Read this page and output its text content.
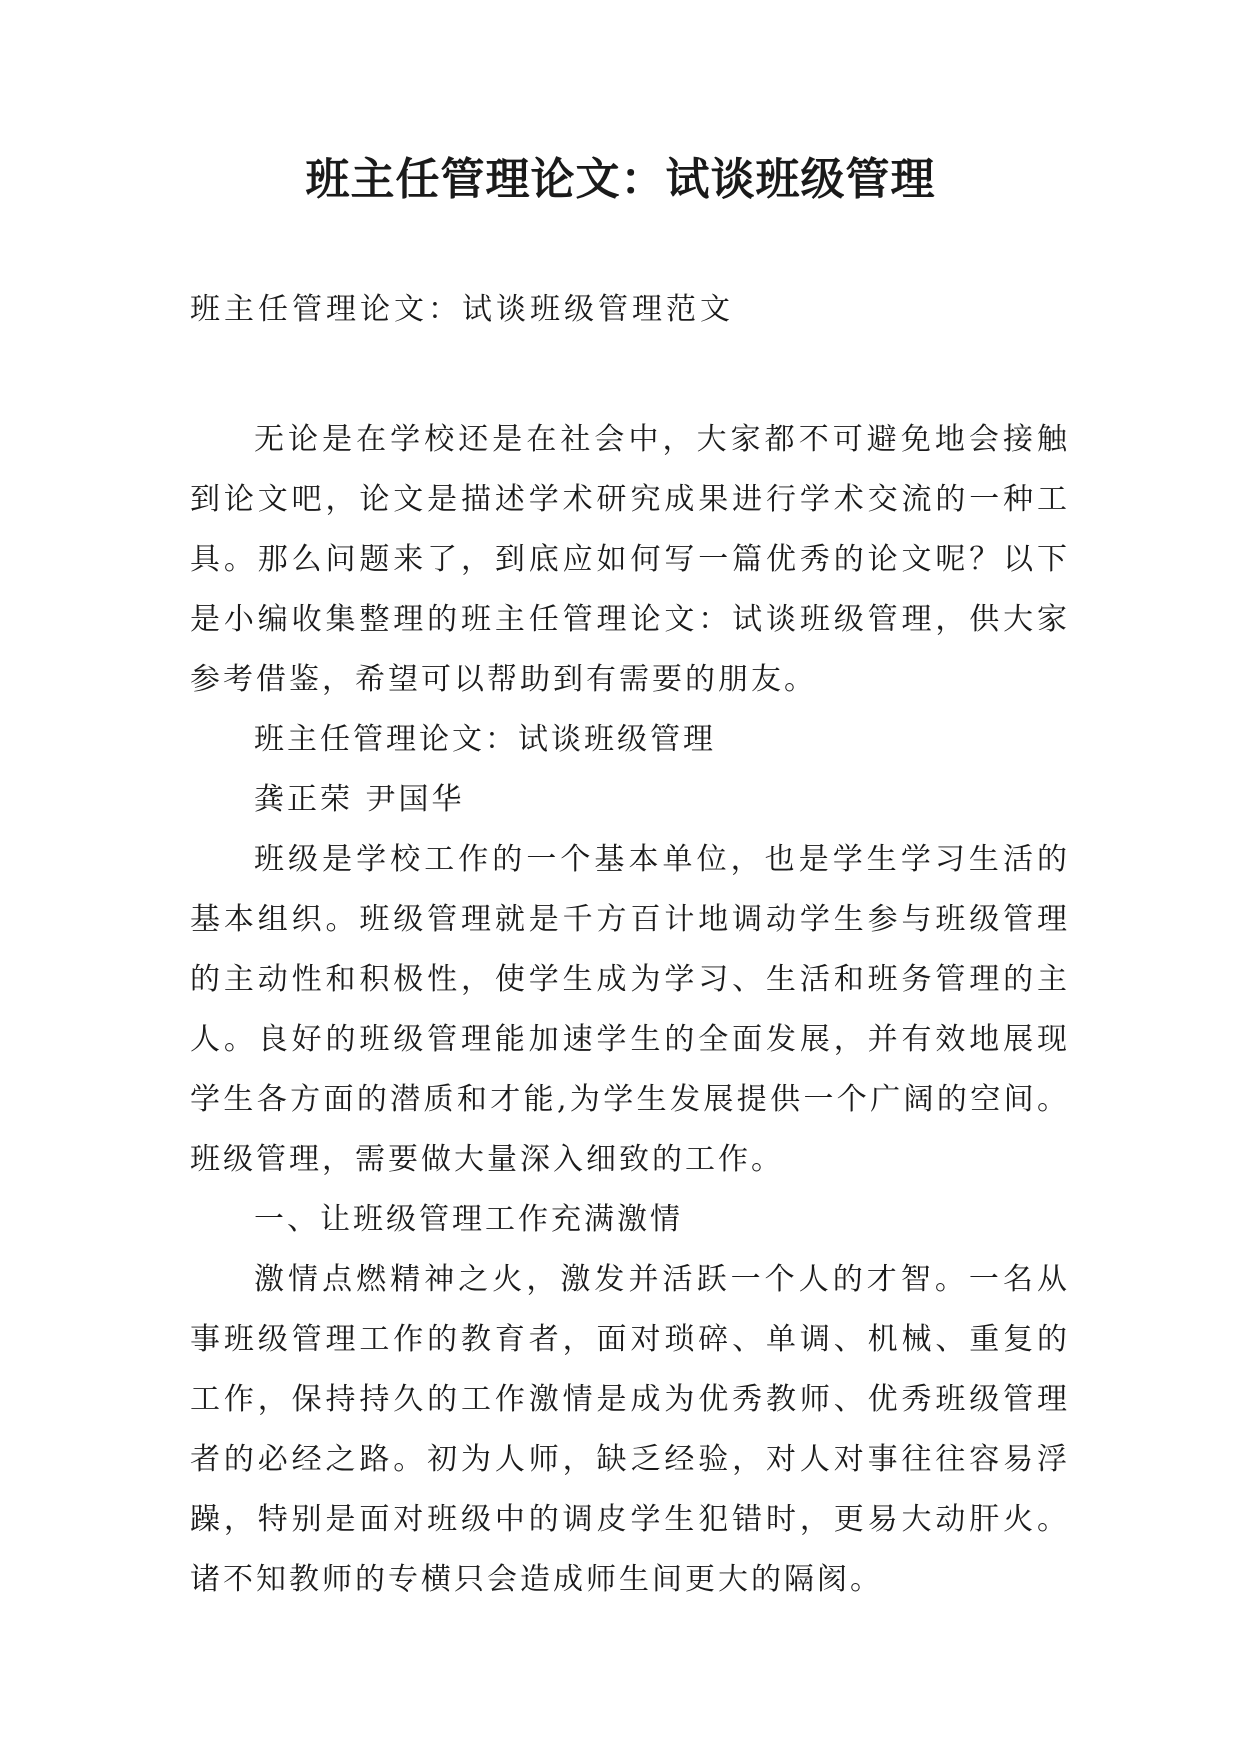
班主任管理论文：试谈班级管理
班主任管理论文：试谈班级管理范文

无论是在学校还是在社会中，大家都不可避免地会接触到论文吧，论文是描述学术研究成果进行学术交流的一种工具。那么问题来了，到底应如何写一篇优秀的论文呢？以下是小编收集整理的班主任管理论文：试谈班级管理，供大家参考借鉴，希望可以帮助到有需要的朋友。

班主任管理论文：试谈班级管理

龚正荣 尹国华

班级是学校工作的一个基本单位，也是学生学习生活的基本组织。班级管理就是千方百计地调动学生参与班级管理的主动性和积极性，使学生成为学习、生活和班务管理的主人。良好的班级管理能加速学生的全面发展，并有效地展现学生各方面的潜质和才能,为学生发展提供一个广阔的空间。班级管理，需要做大量深入细致的工作。

一、让班级管理工作充满激情

激情点燃精神之火，激发并活跃一个人的才智。一名从事班级管理工作的教育者，面对琐碎、单调、机械、重复的工作，保持持久的工作激情是成为优秀教师、优秀班级管理者的必经之路。初为人师，缺乏经验，对人对事往往容易浮躁，特别是面对班级中的调皮学生犯错时，更易大动肝火。诸不知教师的专横只会造成师生间更大的隔阂。
